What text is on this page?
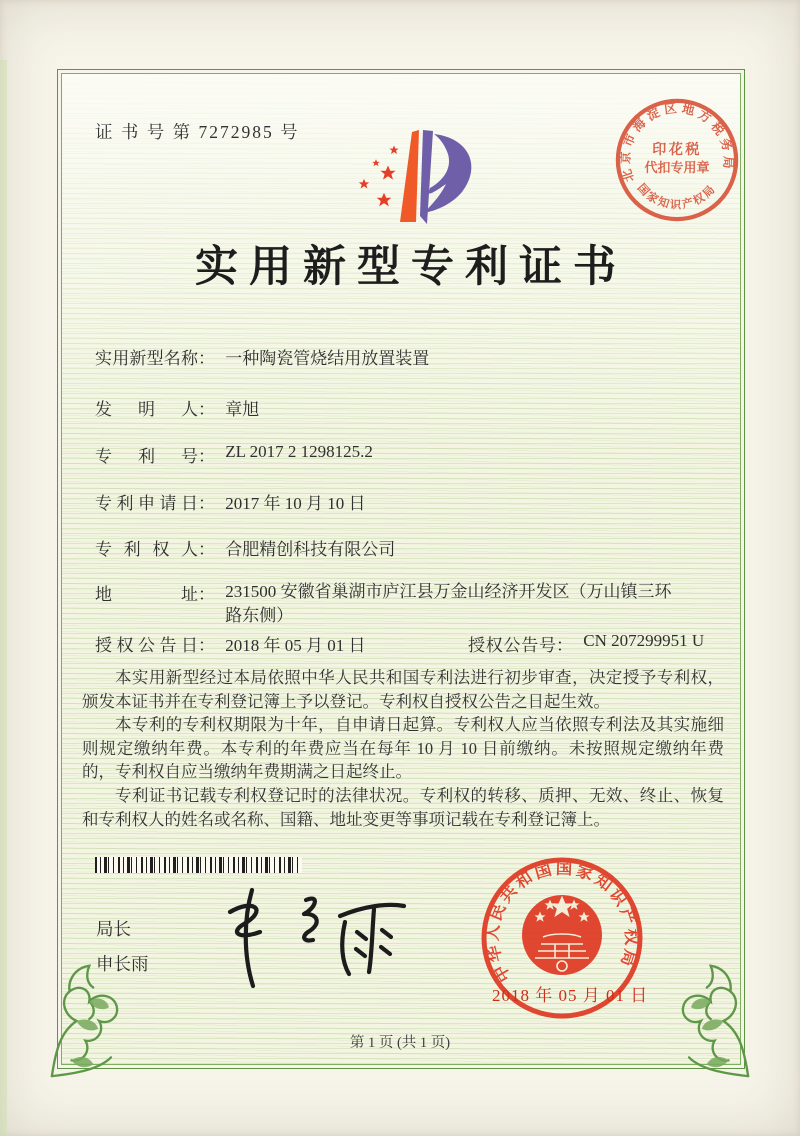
证 书 号 第 7272985 号
北京市海淀区地方税务局
国家知识产权局
印花税
代扣专用章
实用新型专利证书
实用新型名称： 一种陶瓷管烧结用放置装置
发明人： 章旭
专利号： ZL 2017 2 1298125.2
专利申请日： 2017 年 10 月 10 日
专利权人： 合肥精创科技有限公司
地址： 231500 安徽省巢湖市庐江县万金山经济开发区（万山镇三环路东侧）
授权公告日： 2018 年 05 月 01 日	授权公告号： CN 207299951 U

本实用新型经过本局依照中华人民共和国专利法进行初步审查，决定授予专利权，颁发本证书并在专利登记簿上予以登记。专利权自授权公告之日起生效。

本专利的专利权期限为十年，自申请日起算。专利权人应当依照专利法及其实施细则规定缴纳年费。本专利的年费应当在每年 10 月 10 日前缴纳。未按照规定缴纳年费的，专利权自应当缴纳年费期满之日起终止。

专利证书记载专利权登记时的法律状况。专利权的转移、质押、无效、终止、恢复和专利权人的姓名或名称、国籍、地址变更等事项记载在专利登记簿上。

局长
申长雨	中华人民共和国国家知识产权局
2018 年 05 月 01 日
第 1 页 (共 1 页)
